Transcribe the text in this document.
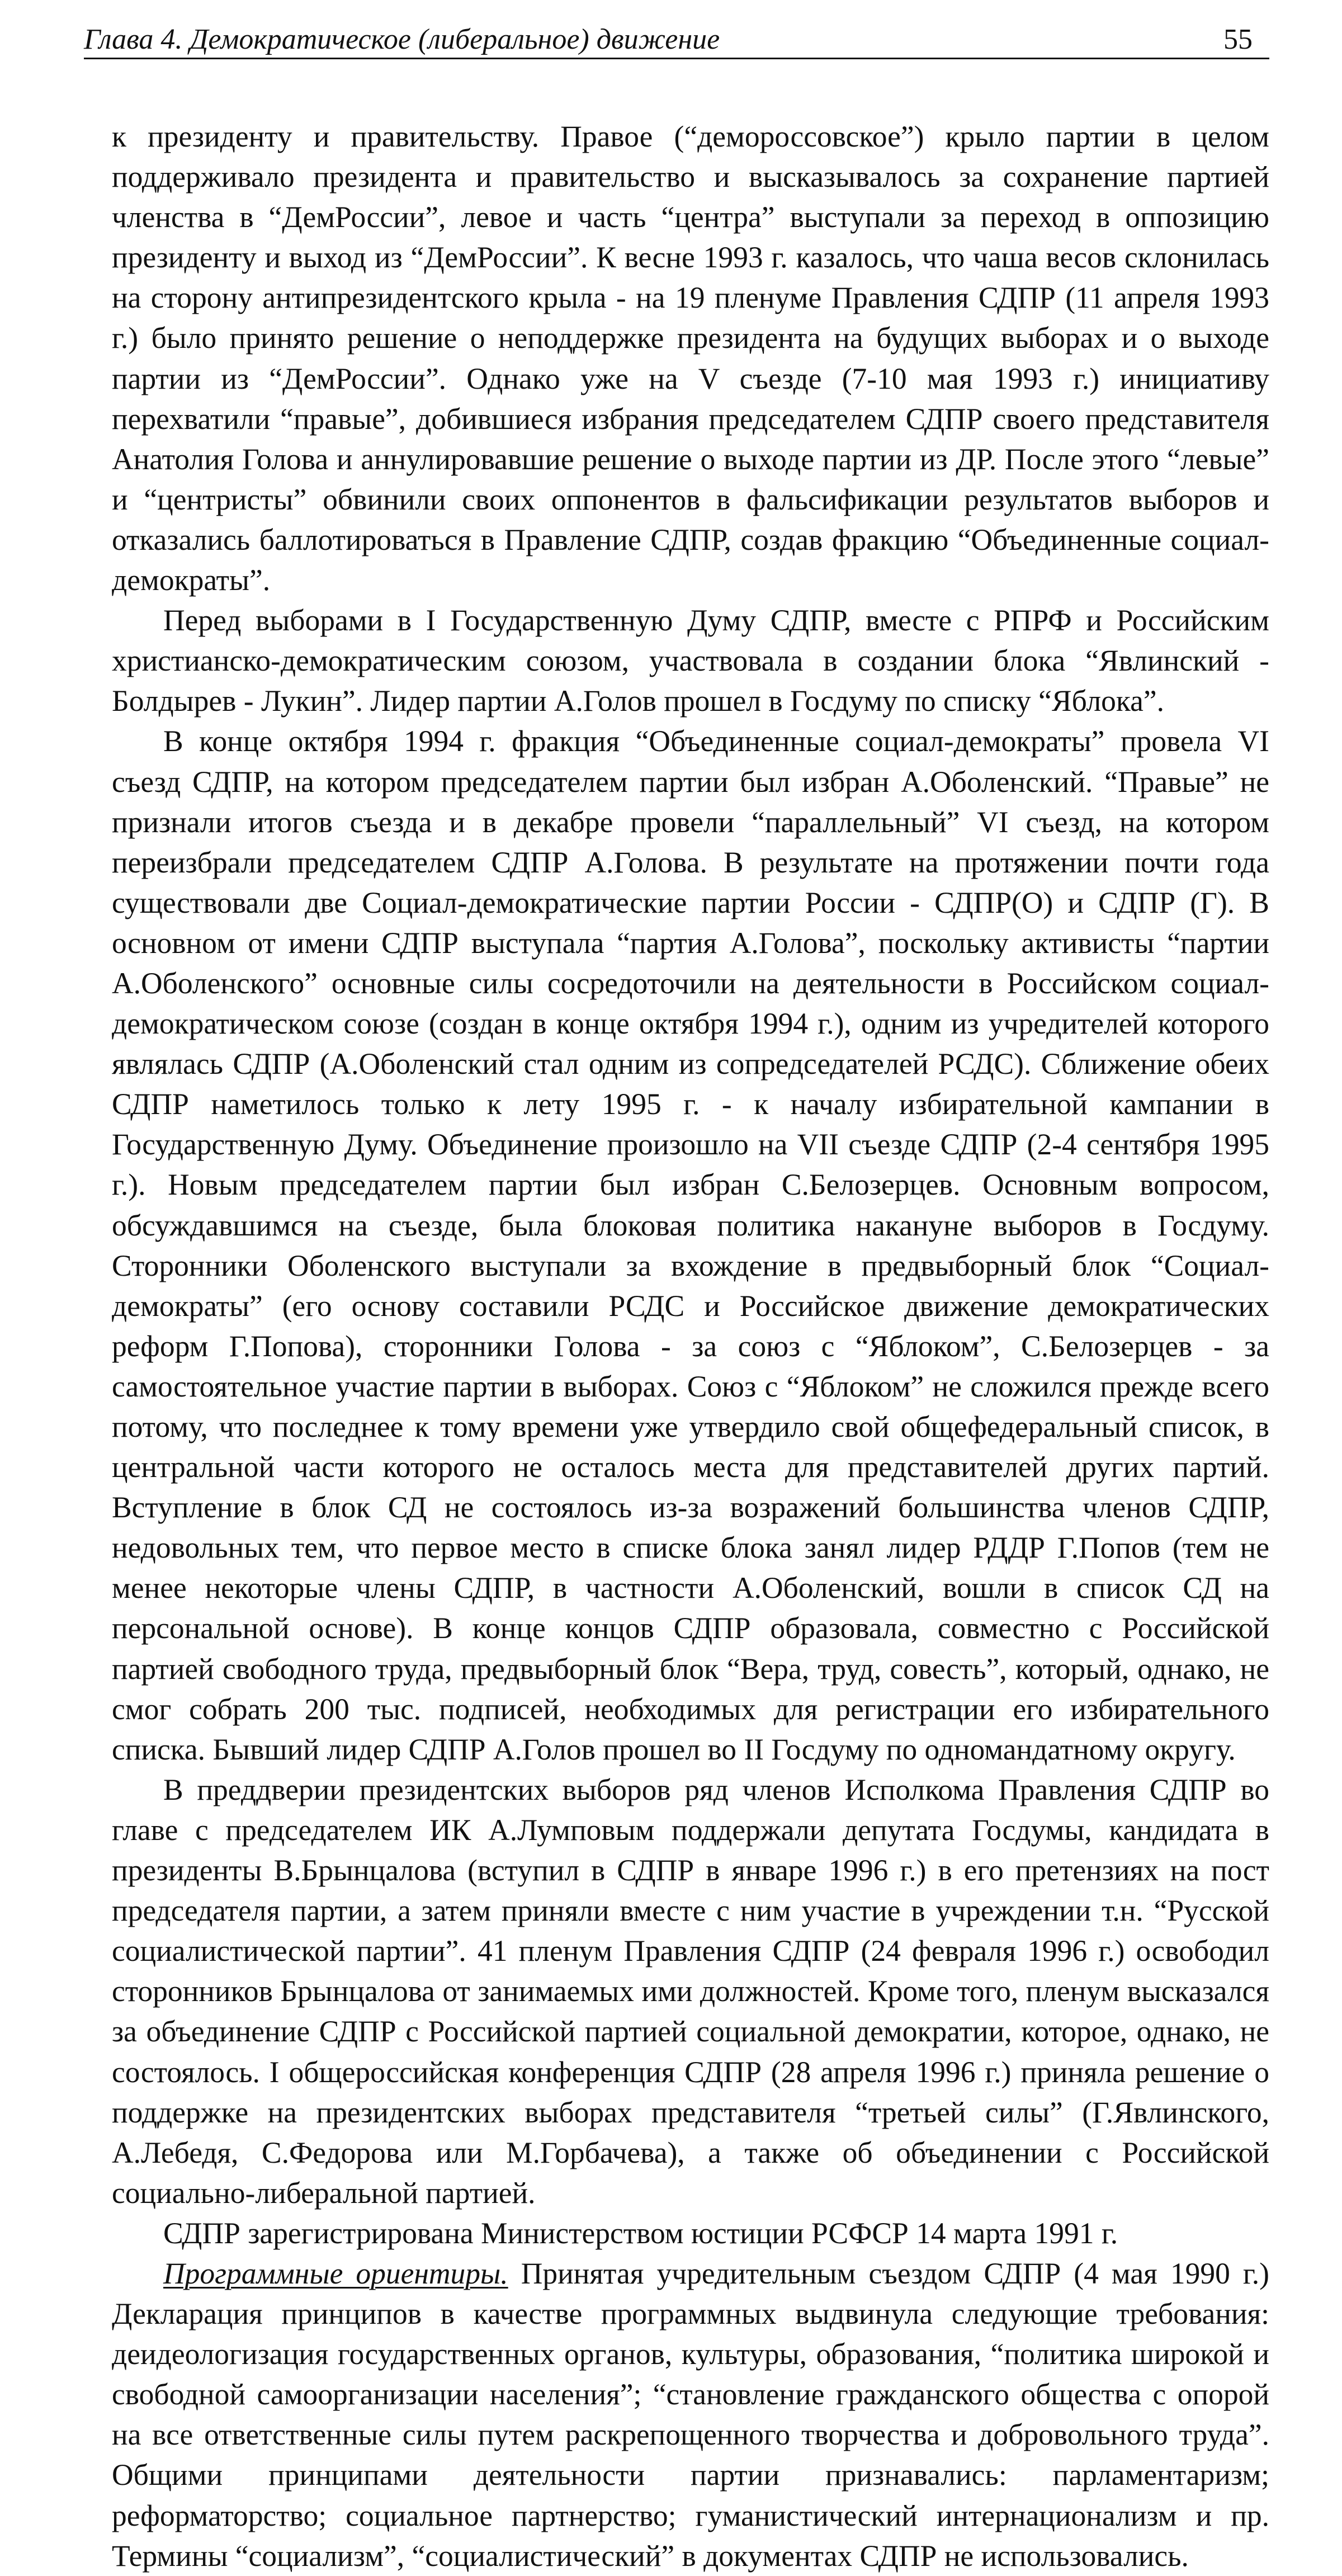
Глава 4. Демократическое (либеральное) движение	55

к президенту и правительству. Правое (“демороссовское”) крыло партии в целом поддерживало президента и правительство и высказывалось за сохранение партией членства в “ДемРоссии”, левое и часть “центра” выступали за переход в оппозицию президенту и выход из “ДемРоссии”. К весне 1993 г. казалось, что чаша весов склонилась на сторону антипрезидентского крыла - на 19 пленуме Правления СДПР (11 апреля 1993 г.) было принято решение о неподдержке президента на будущих выборах и о выходе партии из “ДемРоссии”. Однако уже на V съезде (7-10 мая 1993 г.) инициативу перехватили “правые”, добившиеся избрания председателем СДПР своего представителя Анатолия Голова и аннулировавшие решение о выходе партии из ДР. После этого “левые” и “центристы” обвинили своих оппонентов в фальсификации результатов выборов и отказались баллотироваться в Правление СДПР, создав фракцию “Объединенные социал-демократы”.

Перед выборами в I Государственную Думу СДПР, вместе с РПРФ и Российским христианско-демократическим союзом, участвовала в создании блока “Явлинский - Болдырев - Лукин”. Лидер партии А.Голов прошел в Госдуму по списку “Яблока”.

В конце октября 1994 г. фракция “Объединенные социал-демократы” провела VI съезд СДПР, на котором председателем партии был избран А.Оболенский. “Правые” не признали итогов съезда и в декабре провели “параллельный” VI съезд, на котором переизбрали председателем СДПР А.Голова. В результате на протяжении почти года существовали две Социал-демократические партии России - СДПР(О) и СДПР (Г). В основном от имени СДПР выступала “партия А.Голова”, поскольку активисты “партии А.Оболенского” основные силы сосредоточили на деятельности в Российском социал-демократическом союзе (создан в конце октября 1994 г.), одним из учредителей которого являлась СДПР (А.Оболенский стал одним из сопредседателей РСДС). Сближение обеих СДПР наметилось только к лету 1995 г. - к началу избирательной кампании в Государственную Думу. Объединение произошло на VII съезде СДПР (2-4 сентября 1995 г.). Новым председателем партии был избран С.Белозерцев. Основным вопросом, обсуждавшимся на съезде, была блоковая политика накануне выборов в Госдуму. Сторонники Оболенского выступали за вхождение в предвыборный блок “Социал-демократы” (его основу составили РСДС и Российское движение демократических реформ Г.Попова), сторонники Голова - за союз с “Яблоком”, С.Белозерцев - за самостоятельное участие партии в выборах. Союз с “Яблоком” не сложился прежде всего потому, что последнее к тому времени уже утвердило свой общефедеральный список, в центральной части которого не осталось места для представителей других партий. Вступление в блок СД не состоялось из-за возражений большинства членов СДПР, недовольных тем, что первое место в списке блока занял лидер РДДР Г.Попов (тем не менее некоторые члены СДПР, в частности А.Оболенский, вошли в список СД на персональной основе). В конце концов СДПР образовала, совместно с Российской партией свободного труда, предвыборный блок “Вера, труд, совесть”, который, однако, не смог собрать 200 тыс. подписей, необходимых для регистрации его избирательного списка. Бывший лидер СДПР А.Голов прошел во II Госдуму по одномандатному округу.

В преддверии президентских выборов ряд членов Исполкома Правления СДПР во главе с председателем ИК А.Лумповым поддержали депутата Госдумы, кандидата в президенты В.Брынцалова (вступил в СДПР в январе 1996 г.) в его претензиях на пост председателя партии, а затем приняли вместе с ним участие в учреждении т.н. “Русской социалистической партии”. 41 пленум Правления СДПР (24 февраля 1996 г.) освободил сторонников Брынцалова от занимаемых ими должностей. Кроме того, пленум высказался за объединение СДПР с Российской партией социальной демократии, которое, однако, не состоялось. I общероссийская конференция СДПР (28 апреля 1996 г.) приняла решение о поддержке на президентских выборах представителя “третьей силы” (Г.Явлинского, А.Лебедя, С.Федорова или М.Горбачева), а также об объединении с Российской социально-либеральной партией.

СДПР зарегистрирована Министерством юстиции РСФСР 14 марта 1991 г.

Программные ориентиры. Принятая учредительным съездом СДПР (4 мая 1990 г.) Декларация принципов в качестве программных выдвинула следующие требования: деидеологизация государственных органов, культуры, образования, “политика широкой и свободной самоорганизации населения”; “становление гражданского общества с опорой на все ответственные силы путем раскрепощенного творчества и добровольного труда”. Общими принципами деятельности партии признавались: парламентаризм; реформаторство; социальное партнерство; гуманистический интернационализм и пр. Термины “социализм”, “социалистический” в документах СДПР не использовались.
